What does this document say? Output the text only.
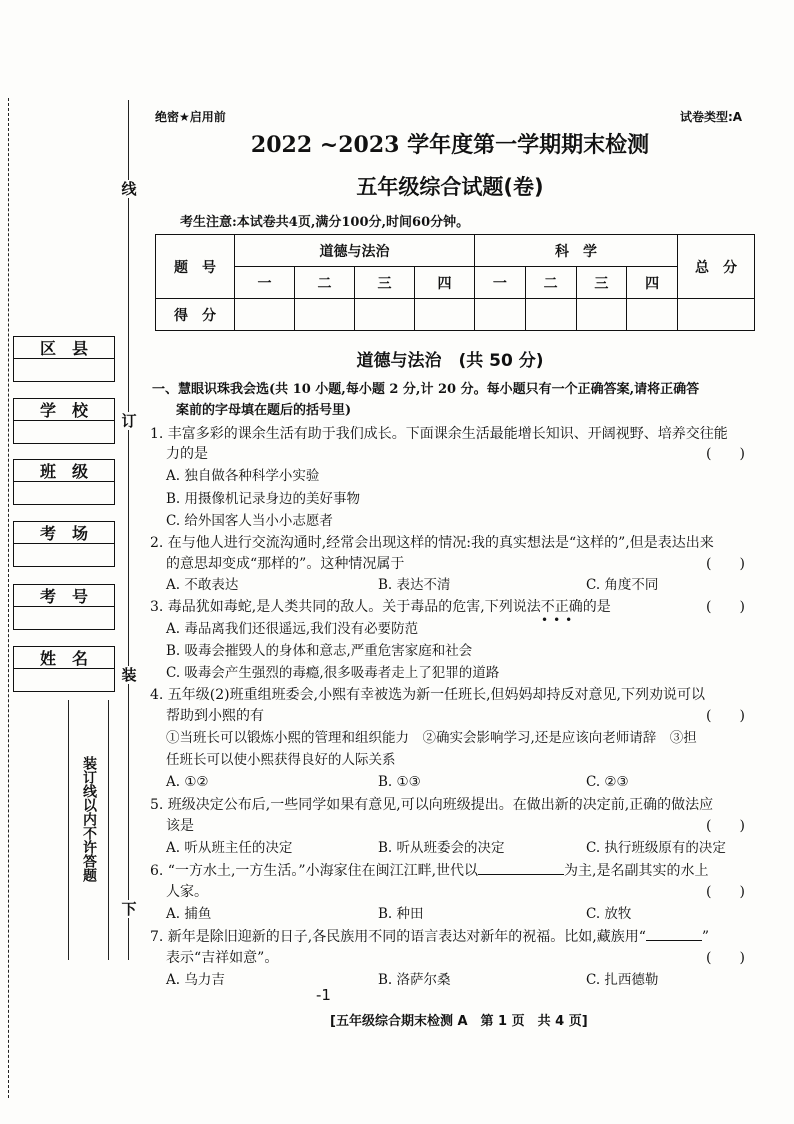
线
订
装
下
区 县
学 校
班 级
考 场
考 号
姓 名
装订线以内不许答题
绝密★启用前	试卷类型:A
2022 ~2023 学年度第一学期期末检测
五年级综合试题(卷)
考生注意:本试卷共4页,满分100分,时间60分钟。
题　号	道德与法治				科　学				总　分
	一	二	三	四	一	二	三	四	
得　分									
道德与法治　(共 50 分)
一、慧眼识珠我会选(共 10 小题,每小题 2 分,计 20 分。每小题只有一个正确答案,请将正确答
案前的字母填在题后的括号里)
1. 丰富多彩的课余生活有助于我们成长。下面课余生活最能增长知识、开阔视野、培养交往能
力的是	(　　)
A. 独自做各种科学小实验
B. 用摄像机记录身边的美好事物
C. 给外国客人当小小志愿者
2. 在与他人进行交流沟通时,经常会出现这样的情况:我的真实想法是“这样的”,但是表达出来
的意思却变成“那样的”。这种情况属于	(　　)
A. 不敢表达	B. 表达不清	C. 角度不同
3. 毒品犹如毒蛇,是人类共同的敌人。关于毒品的危害,下列说法不正确的是	(　　)
•••
A. 毒品离我们还很遥远,我们没有必要防范
B. 吸毒会摧毁人的身体和意志,严重危害家庭和社会
C. 吸毒会产生强烈的毒瘾,很多吸毒者走上了犯罪的道路
4. 五年级(2)班重组班委会,小熙有幸被选为新一任班长,但妈妈却持反对意见,下列劝说可以
帮助到小熙的有	(　　)
①当班长可以锻炼小熙的管理和组织能力　②确实会影响学习,还是应该向老师请辞　③担
任班长可以使小熙获得良好的人际关系
A. ①②	B. ①③	C. ②③
5. 班级决定公布后,一些同学如果有意见,可以向班级提出。在做出新的决定前,正确的做法应
该是	(　　)
A. 听从班主任的决定	B. 听从班委会的决定	C. 执行班级原有的决定
6. “一方水土,一方生活。”小海家住在闽江江畔,世代以	为主,是名副其实的水上
人家。	(　　)
A. 捕鱼	B. 种田	C. 放牧
7. 新年是除旧迎新的日子,各民族用不同的语言表达对新年的祝福。比如,藏族用“	”
表示“吉祥如意”。	(　　)
A. 乌力吉	B. 洛萨尔桑	C. 扎西德勒
-1
[五年级综合期末检测 A　第 1 页　共 4 页]
